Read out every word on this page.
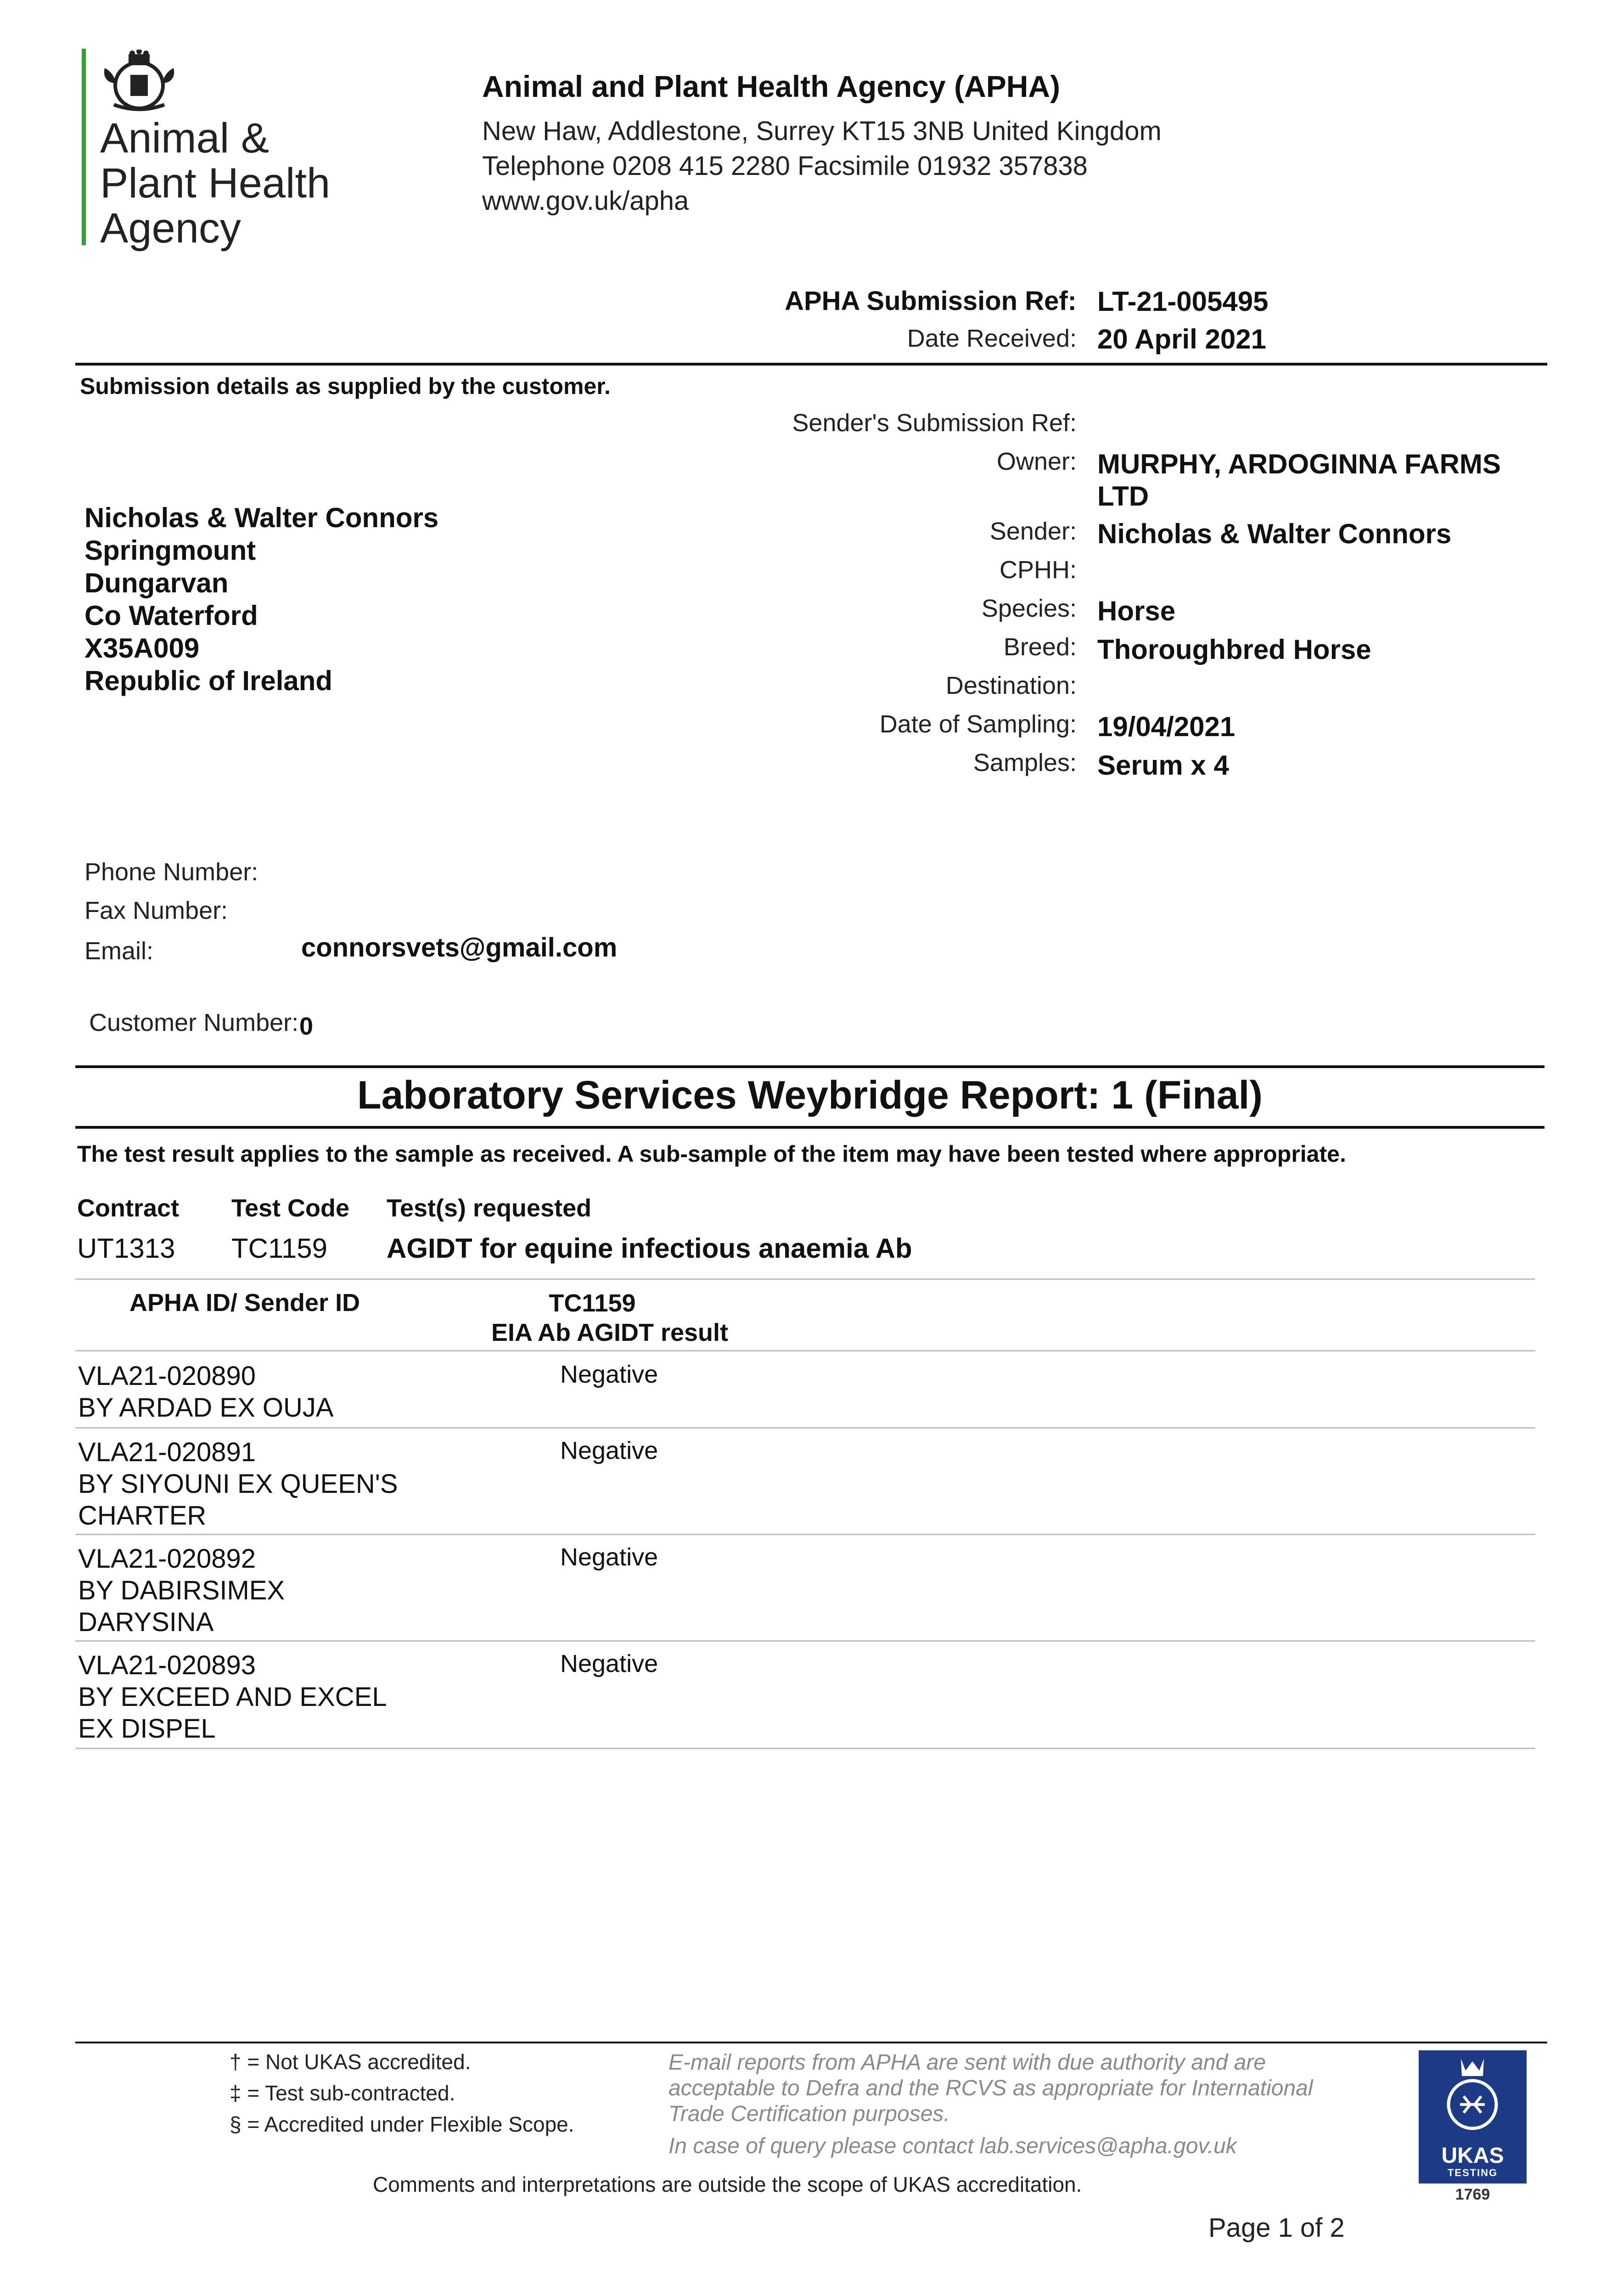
Animal &
Plant Health
Agency
Animal and Plant Health Agency (APHA)
New Haw, Addlestone, Surrey KT15 3NB United Kingdom
Telephone 0208 415 2280 Facsimile 01932 357838
www.gov.uk/apha
APHA Submission Ref: LT-21-005495
Date Received: 20 April 2021
Submission details as supplied by the customer.
Nicholas & Walter Connors
Springmount
Dungarvan
Co Waterford
X35A009
Republic of Ireland
Sender's Submission Ref:
Owner: MURPHY, ARDOGINNA FARMS
LTD
Sender: Nicholas & Walter Connors
CPHH:
Species: Horse
Breed: Thoroughbred Horse
Destination:
Date of Sampling: 19/04/2021
Samples: Serum x 4
Phone Number:
Fax Number:
Email:	connorsvets@gmail.com
Customer Number: 0
Laboratory Services Weybridge Report: 1 (Final)
The test result applies to the sample as received. A sub-sample of the item may have been tested where appropriate.
Contract Test Code Test(s) requested
UT1313 TC1159 AGIDT for equine infectious anaemia Ab
APHA ID/ Sender ID	TC1159
EIA Ab AGIDT result
VLA21-020890
BY ARDAD EX OUJA
Negative
VLA21-020891
BY SIYOUNI EX QUEEN'S CHARTER
Negative
VLA21-020892
BY DABIRSIMEX DARYSINA
Negative
VLA21-020893
BY EXCEED AND EXCEL EX DISPEL
Negative
† = Not UKAS accredited.
‡ = Test sub-contracted.
§ = Accredited under Flexible Scope.
E-mail reports from APHA are sent with due authority and are acceptable to Defra and the RCVS as appropriate for International Trade Certification purposes.
In case of query please contact lab.services@apha.gov.uk
Comments and interpretations are outside the scope of UKAS accreditation.
UKAS
TESTING
1769
Page 1 of 2
